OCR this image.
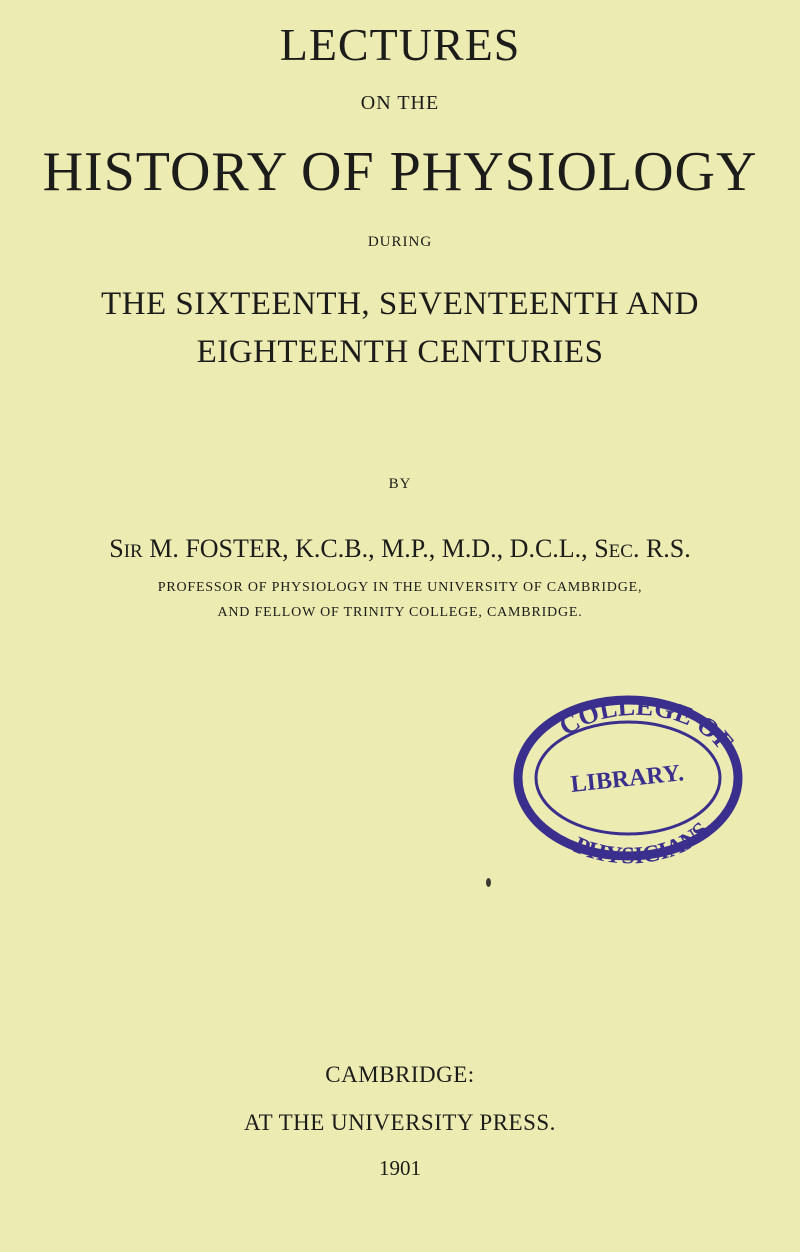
LECTURES
ON THE
HISTORY OF PHYSIOLOGY
DURING
THE SIXTEENTH, SEVENTEENTH AND
EIGHTEENTH CENTURIES
BY
SIR M. FOSTER, K.C.B., M.P., M.D., D.C.L., SEC. R.S.
PROFESSOR OF PHYSIOLOGY IN THE UNIVERSITY OF CAMBRIDGE,
AND FELLOW OF TRINITY COLLEGE, CAMBRIDGE.
COLLEGE OF
LIBRARY.
PHYSICIANS
CAMBRIDGE:
AT THE UNIVERSITY PRESS.
1901
